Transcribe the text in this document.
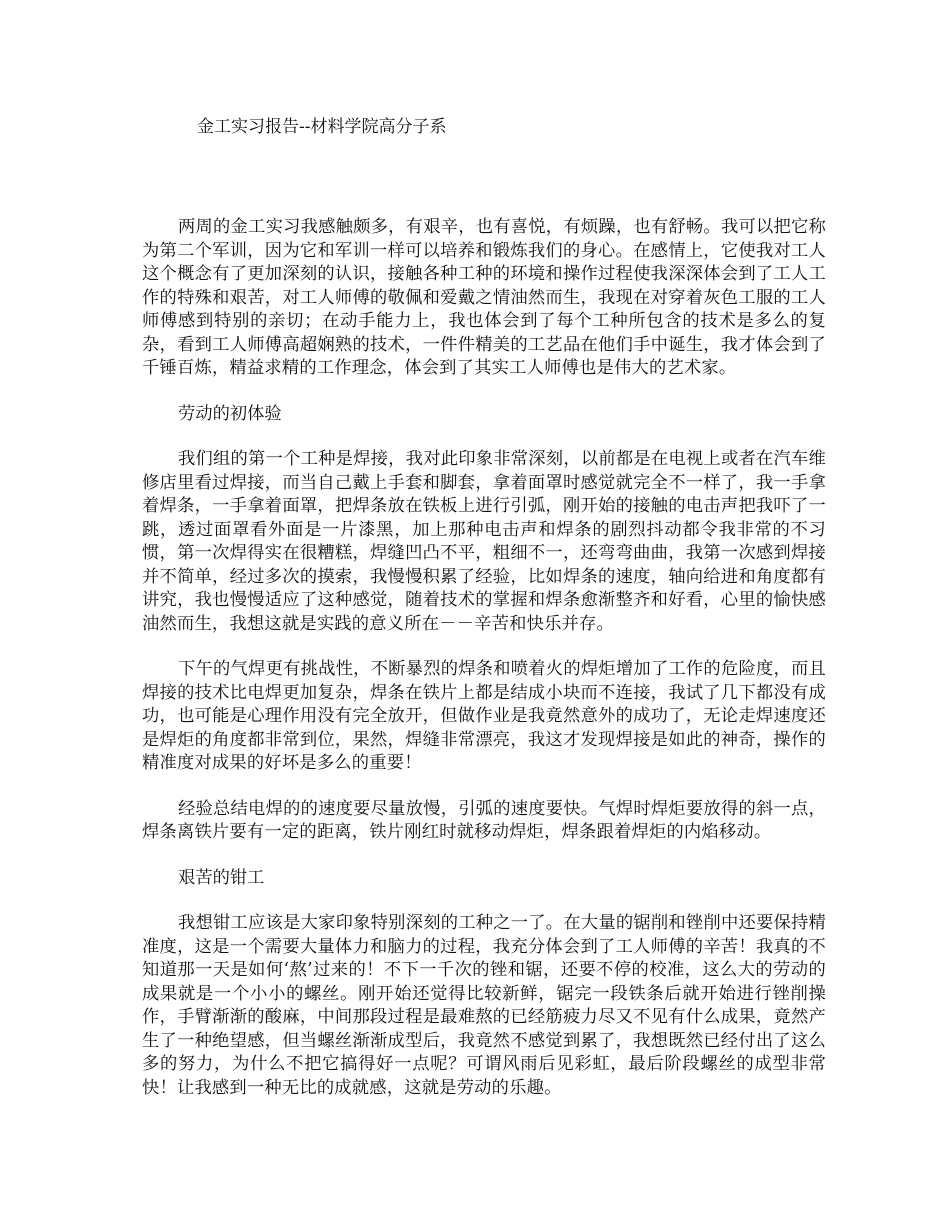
金工实习报告--材料学院高分子系

两周的金工实习我感触颇多，有艰辛，也有喜悦，有烦躁，也有舒畅。我可以把它称为第二个军训，因为它和军训一样可以培养和锻炼我们的身心。在感情上，它使我对工人这个概念有了更加深刻的认识，接触各种工种的环境和操作过程使我深深体会到了工人工作的特殊和艰苦，对工人师傅的敬佩和爱戴之情油然而生，我现在对穿着灰色工服的工人师傅感到特别的亲切；在动手能力上，我也体会到了每个工种所包含的技术是多么的复杂，看到工人师傅高超娴熟的技术，一件件精美的工艺品在他们手中诞生，我才体会到了千锤百炼，精益求精的工作理念，体会到了其实工人师傅也是伟大的艺术家。

劳动的初体验

我们组的第一个工种是焊接，我对此印象非常深刻，以前都是在电视上或者在汽车维修店里看过焊接，而当自己戴上手套和脚套，拿着面罩时感觉就完全不一样了，我一手拿着焊条，一手拿着面罩，把焊条放在铁板上进行引弧，刚开始的接触的电击声把我吓了一跳，透过面罩看外面是一片漆黑，加上那种电击声和焊条的剧烈抖动都令我非常的不习惯，第一次焊得实在很糟糕，焊缝凹凸不平，粗细不一，还弯弯曲曲，我第一次感到焊接并不简单，经过多次的摸索，我慢慢积累了经验，比如焊条的速度，轴向给进和角度都有讲究，我也慢慢适应了这种感觉，随着技术的掌握和焊条愈渐整齐和好看，心里的愉快感油然而生，我想这就是实践的意义所在－－辛苦和快乐并存。

下午的气焊更有挑战性，不断暴烈的焊条和喷着火的焊炬增加了工作的危险度，而且焊接的技术比电焊更加复杂，焊条在铁片上都是结成小块而不连接，我试了几下都没有成功，也可能是心理作用没有完全放开，但做作业是我竟然意外的成功了，无论走焊速度还是焊炬的角度都非常到位，果然，焊缝非常漂亮，我这才发现焊接是如此的神奇，操作的精准度对成果的好坏是多么的重要！

经验总结电焊的的速度要尽量放慢，引弧的速度要快。气焊时焊炬要放得的斜一点，焊条离铁片要有一定的距离，铁片刚红时就移动焊炬，焊条跟着焊炬的内焰移动。

艰苦的钳工

我想钳工应该是大家印象特别深刻的工种之一了。在大量的锯削和锉削中还要保持精准度，这是一个需要大量体力和脑力的过程，我充分体会到了工人师傅的辛苦！我真的不知道那一天是如何‘熬’过来的！不下一千次的锉和锯，还要不停的校准，这么大的劳动的成果就是一个小小的螺丝。刚开始还觉得比较新鲜，锯完一段铁条后就开始进行锉削操作，手臂渐渐的酸麻，中间那段过程是最难熬的已经筋疲力尽又不见有什么成果，竟然产生了一种绝望感，但当螺丝渐渐成型后，我竟然不感觉到累了，我想既然已经付出了这么多的努力，为什么不把它搞得好一点呢？可谓风雨后见彩虹，最后阶段螺丝的成型非常快！让我感到一种无比的成就感，这就是劳动的乐趣。
